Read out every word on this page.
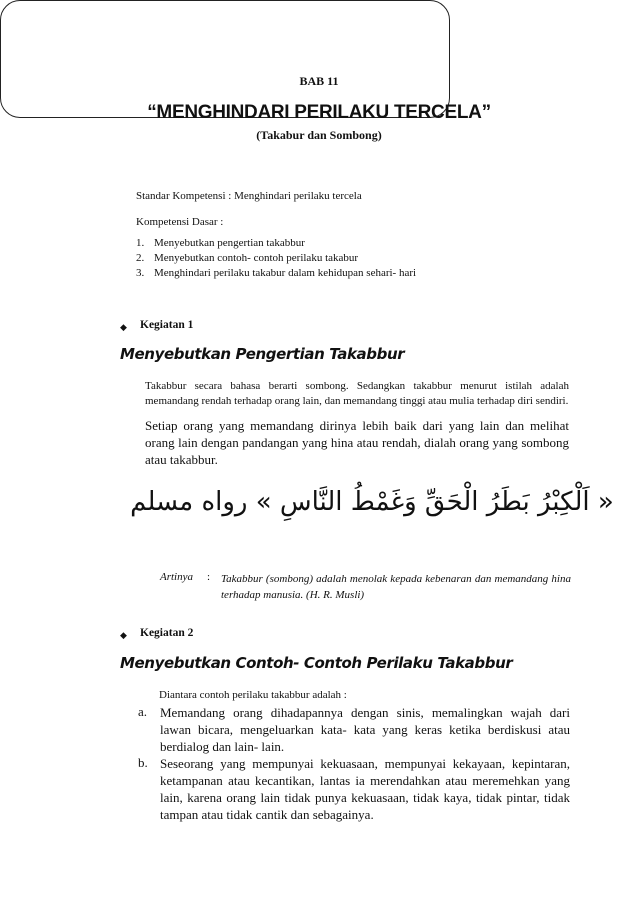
BAB 11
“MENGHINDARI PERILAKU TERCELA”
(Takabur dan Sombong)
Standar Kompetensi : Menghindari perilaku tercela
Kompetensi Dasar :
1. Menyebutkan pengertian takabbur
2. Menyebutkan contoh- contoh perilaku takabur
3. Menghindari perilaku takabur dalam kehidupan sehari- hari
◆ Kegiatan 1
Menyebutkan Pengertian Takabbur
Takabbur secara bahasa berarti sombong. Sedangkan takabbur menurut istilah adalah memandang rendah terhadap orang lain, dan memandang tinggi atau mulia terhadap diri sendiri.
Setiap orang yang memandang dirinya lebih baik dari yang lain dan melihat orang lain dengan pandangan yang hina atau rendah, dialah orang yang sombong atau takabbur.
« اَلْكِبْرُ بَطَرُ الْحَقِّ وَغَمْطُ النَّاسِ » رواه مسلم
Artinya : Takabbur (sombong) adalah menolak kepada kebenaran dan memandang hina terhadap manusia. (H. R. Musli)
◆ Kegiatan 2
Menyebutkan Contoh- Contoh Perilaku Takabbur
Diantara contoh perilaku takabbur adalah :
a. Memandang orang dihadapannya dengan sinis, memalingkan wajah dari lawan bicara, mengeluarkan kata- kata yang keras ketika berdiskusi atau berdialog dan lain- lain.
b. Seseorang yang mempunyai kekuasaan, mempunyai kekayaan, kepintaran, ketampanan atau kecantikan, lantas ia merendahkan atau meremehkan yang lain, karena orang lain tidak punya kekuasaan, tidak kaya, tidak pintar, tidak tampan atau tidak cantik dan sebagainya.
